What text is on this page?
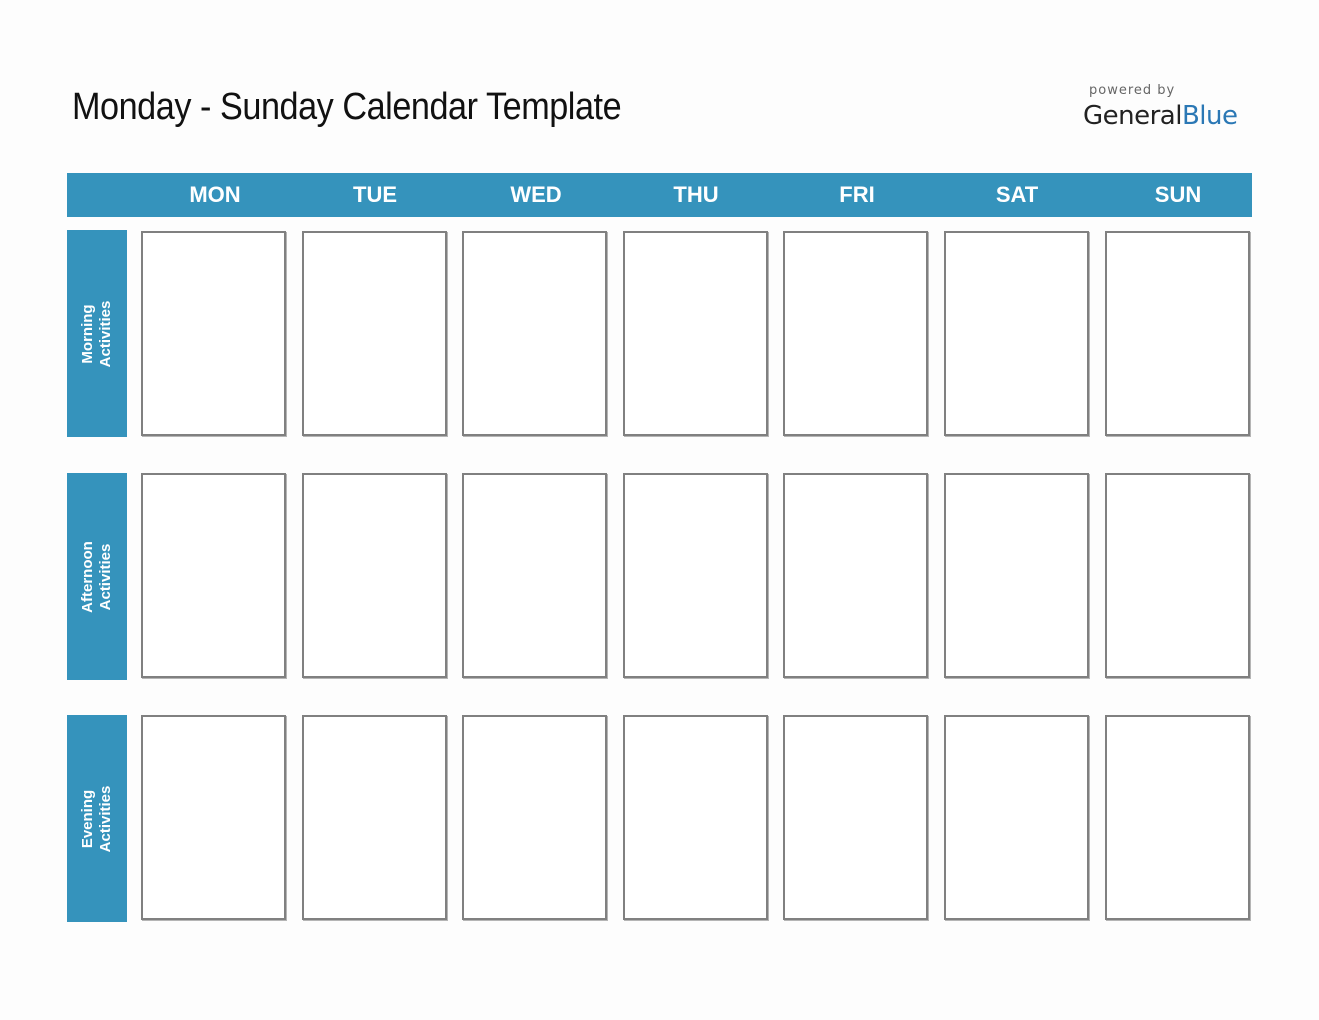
Monday - Sunday Calendar Template	powered by
GeneralBlue
MON	TUE	WED	THU	FRI	SAT	SUN
Morning Activities
Afternoon Activities
Evening Activities
